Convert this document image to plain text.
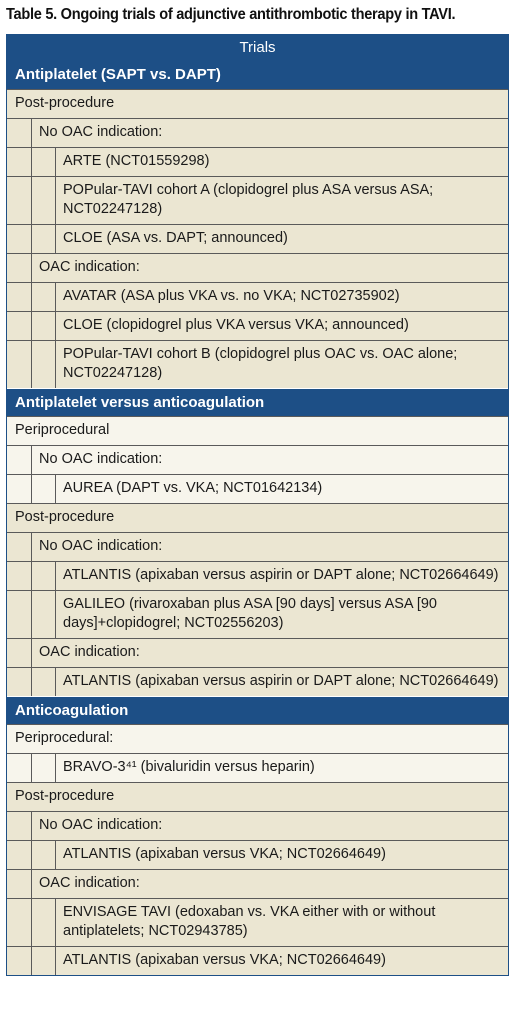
Table 5. Ongoing trials of adjunctive antithrombotic therapy in TAVI.
Trials
Antiplatelet (SAPT vs. DAPT)
Post-procedure
No OAC indication:
ARTE (NCT01559298)
POPular-TAVI cohort A (clopidogrel plus ASA versus ASA; NCT02247128)
CLOE (ASA vs. DAPT; announced)
OAC indication:
AVATAR (ASA plus VKA vs. no VKA; NCT02735902)
CLOE (clopidogrel plus VKA versus VKA; announced)
POPular-TAVI cohort B (clopidogrel plus OAC vs. OAC alone; NCT02247128)
Antiplatelet versus anticoagulation
Periprocedural
No OAC indication:
AUREA (DAPT vs. VKA; NCT01642134)
Post-procedure
No OAC indication:
ATLANTIS (apixaban versus aspirin or DAPT alone; NCT02664649)
GALILEO (rivaroxaban plus ASA [90 days] versus ASA [90 days]+clopidogrel; NCT02556203)
OAC indication:
ATLANTIS (apixaban versus aspirin or DAPT alone; NCT02664649)
Anticoagulation
Periprocedural:
BRAVO-3⁴¹ (bivaluridin versus heparin)
Post-procedure
No OAC indication:
ATLANTIS (apixaban versus VKA; NCT02664649)
OAC indication:
ENVISAGE TAVI (edoxaban vs. VKA either with or without antiplatelets; NCT02943785)
ATLANTIS (apixaban versus VKA; NCT02664649)
